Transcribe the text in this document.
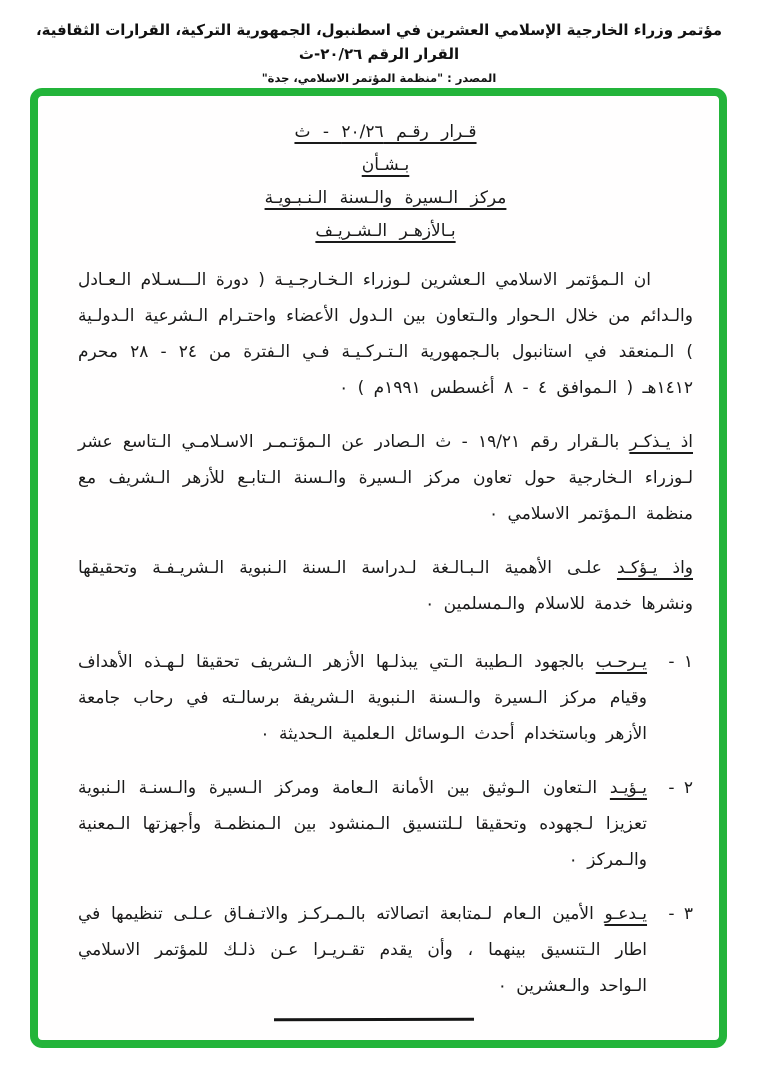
مؤتمر وزراء الخارجية الإسلامي العشرين في اسطنبول، الجمهورية التركية، القرارات الثقافية، القرار الرقم ٢٠/٢٦-ث
المصدر : "منظمة المؤتمر الاسلامي، جدة"
قـرار رقـم ٢٠/٢٦ - ث
بـشـأن
مركز الـسيرة والـسنة الـنـبـويـة
بـالأزهـر الـشـريـف

ان الـمؤتمر الاسلامي الـعشرين لـوزراء الـخـارجـيـة ( دورة الـــسـلام الـعـادل والـدائم من خلال الـحوار والـتعاون بين الـدول الأعضاء واحتـرام الـشرعية الـدولـية ) الـمنعقد في استانبول بالـجمهورية الـتـركـيـة فـي الـفترة من ٢٤ - ٢٨ محرم ١٤١٢هـ ( الـموافق ٤ - ٨ أغسطس ١٩٩١م ) ٠

اذ يـذكـر بالـقرار رقم ١٩/٢١ - ث الـصادر عن الـمؤتـمـر الاسـلامـي الـتاسع عشر لـوزراء الـخارجية حول تعاون مركز الـسيرة والـسنة الـتابـع للأزهر الـشريف مع منظمة الـمؤتمر الاسلامي ٠

واذ يـؤكـد علـى الأهمية الـبـالـغة لـدراسة الـسنة الـنبوية الـشريـفـة وتحقيقها ونشرها خدمة للاسلام والـمسلمين ٠

١ -
يـرحـب بالجهود الـطيبة الـتي يبذلـها الأزهر الـشريف تحقيقا لـهـذه الأهداف وقيام مركز الـسيرة والـسنة الـنبوية الـشريفة برسالـته في رحاب جامعة الأزهر وباستخدام أحدث الـوسائل الـعلمية الـحديثة ٠
٢ -
يـؤيـد الـتعاون الـوثيق بين الأمانة الـعامة ومركز الـسيرة والـسنـة الـنبوية تعزيزا لـجهوده وتحقيقا لـلتنسيق الـمنشود بين الـمنظمـة وأجهزتها الـمعنية والـمركز ٠
٣ -
يـدعـو الأمين الـعام لـمتابعة اتصالاته بالـمـركـز والاتـفـاق عـلـى تنظيمها في اطار الـتنسيق بينهما ، وأن يقدم تقـريـرا عـن ذلـك للمؤتمر الاسلامي الـواحد والـعشرين ٠
